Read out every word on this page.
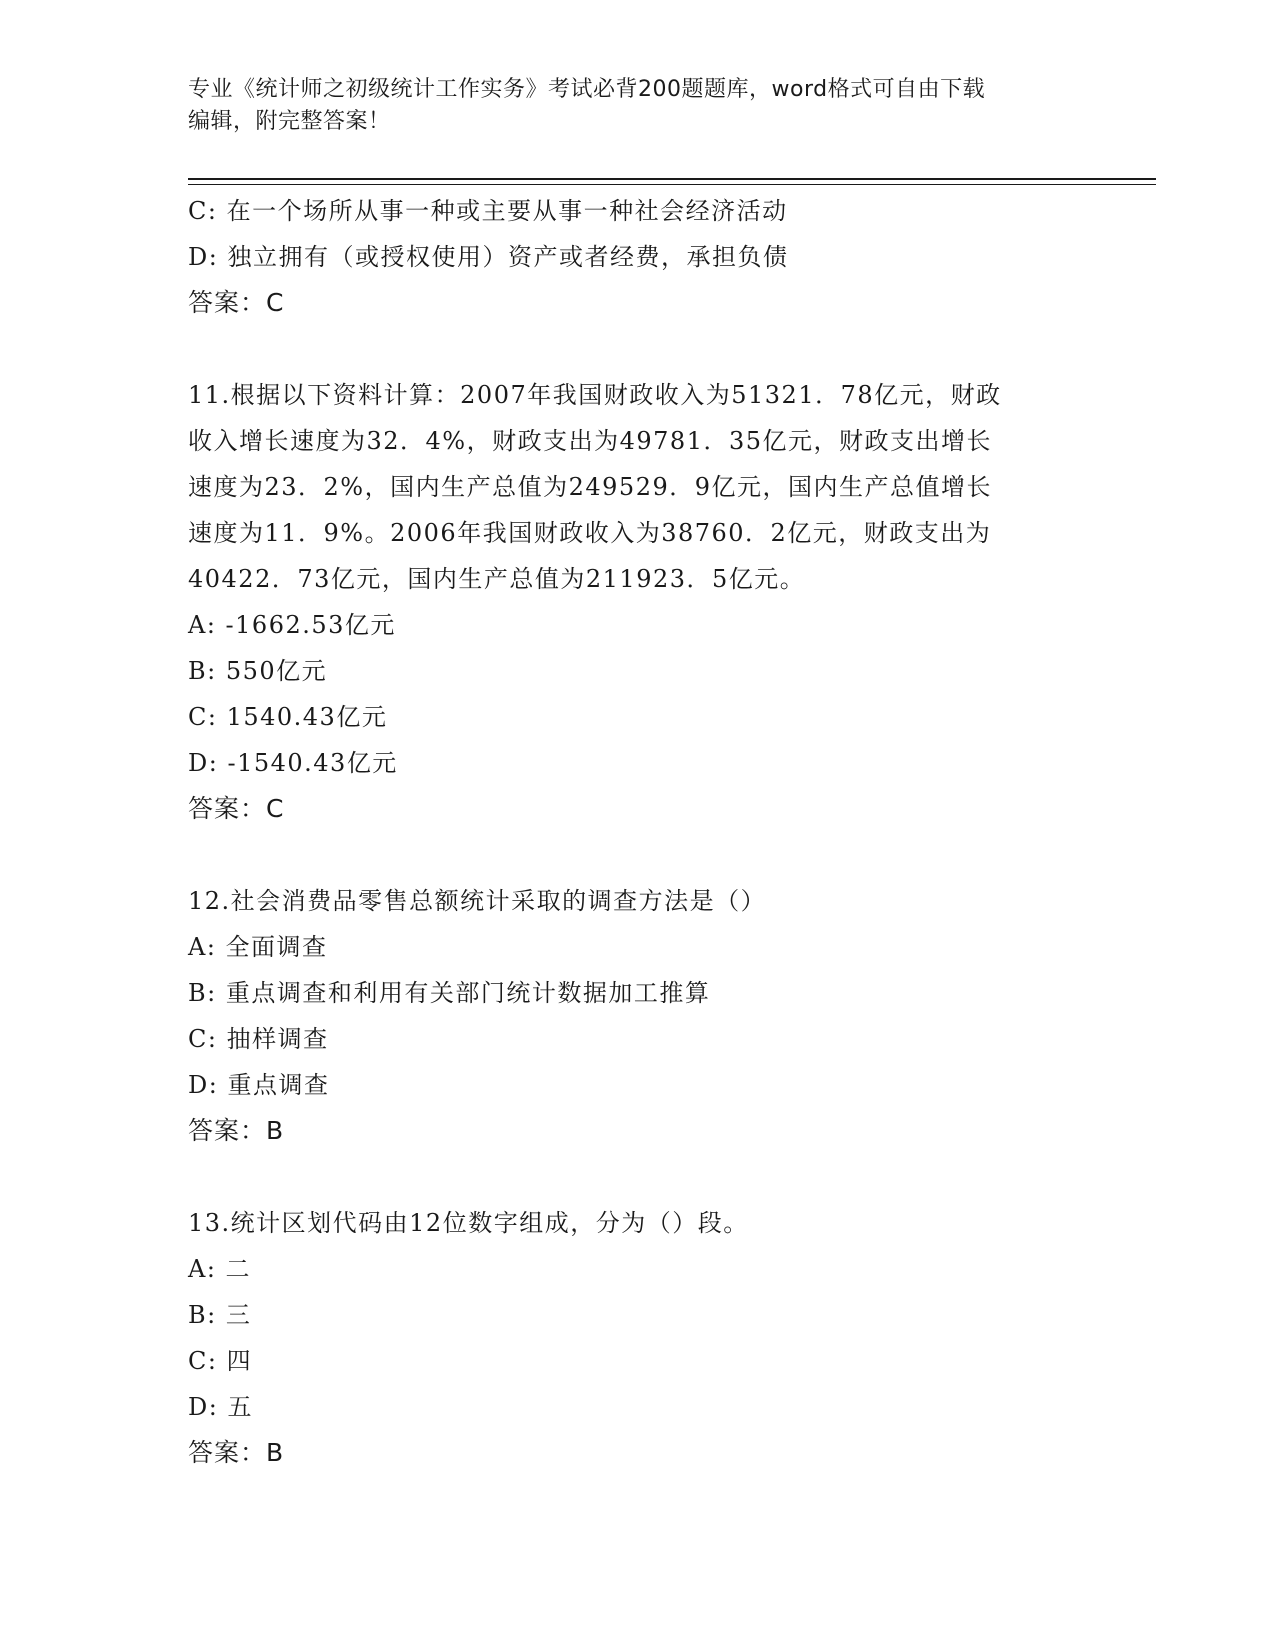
专业《统计师之初级统计工作实务》考试必背200题题库，word格式可自由下载
编辑，附完整答案！
C: 在一个场所从事一种或主要从事一种社会经济活动
D: 独立拥有（或授权使用）资产或者经费，承担负债
答案：C
11.根据以下资料计算：2007年我国财政收入为51321．78亿元，财政
收入增长速度为32．4%，财政支出为49781．35亿元，财政支出增长
速度为23．2%，国内生产总值为249529．9亿元，国内生产总值增长
速度为11．9%。2006年我国财政收入为38760．2亿元，财政支出为
40422．73亿元，国内生产总值为211923．5亿元。
A: -1662.53亿元
B: 550亿元
C: 1540.43亿元
D: -1540.43亿元
答案：C
12.社会消费品零售总额统计采取的调查方法是（）
A: 全面调查
B: 重点调查和利用有关部门统计数据加工推算
C: 抽样调查
D: 重点调查
答案：B
13.统计区划代码由12位数字组成，分为（）段。
A: 二
B: 三
C: 四
D: 五
答案：B
